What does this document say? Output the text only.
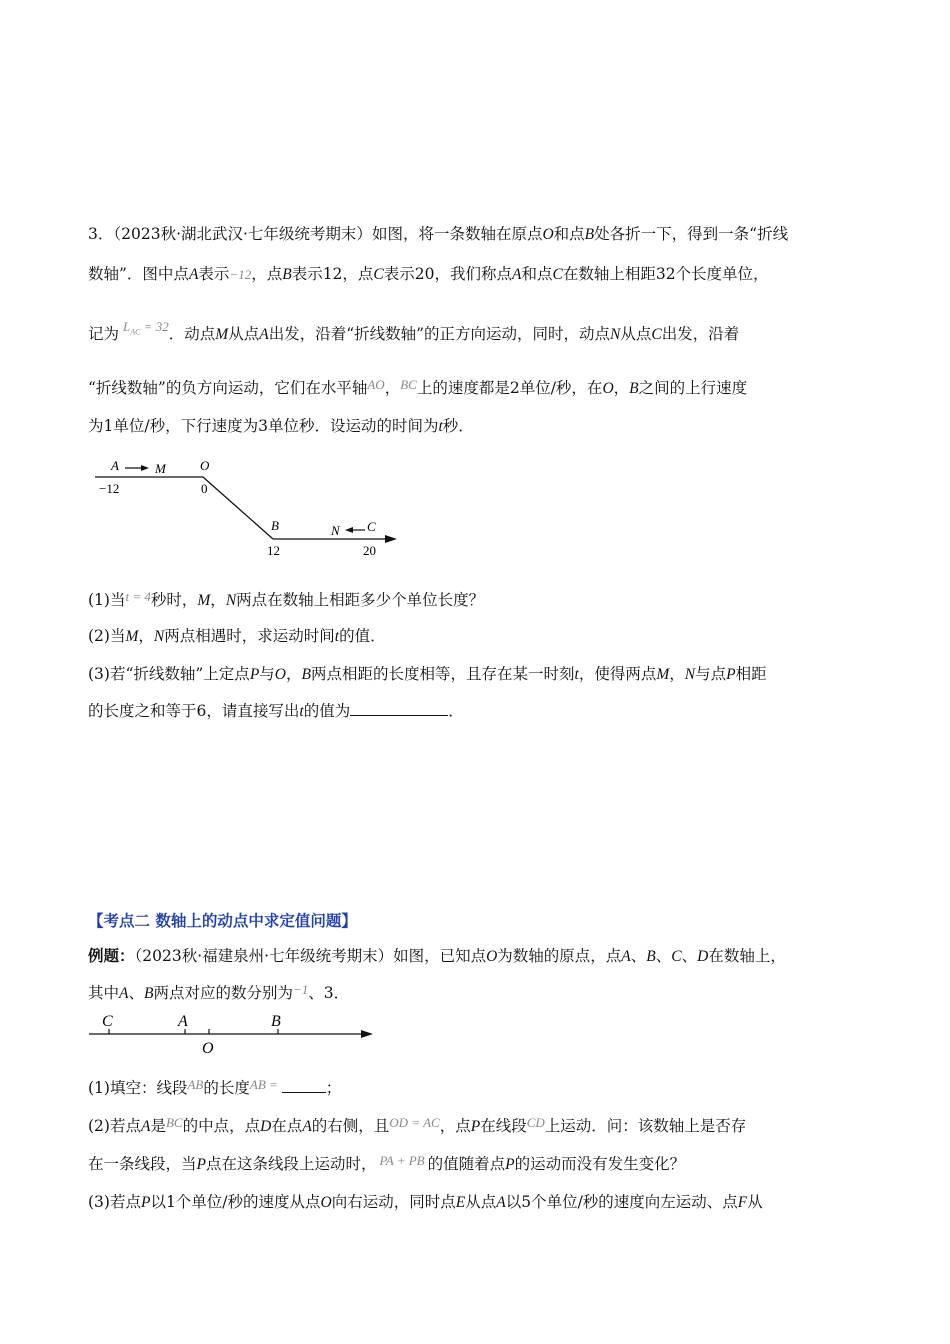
3．（2023秋·湖北武汉·七年级统考期末）如图，将一条数轴在原点O和点B处各折一下，得到一条“折线
数轴”．图中点A表示−12，点B表示12，点C表示20，我们称点A和点C在数轴上相距32个长度单位，
记为 $^{L_{AC} = 32}$．动点M从点A出发，沿着“折线数轴”的正方向运动，同时，动点N从点C出发，沿着
“折线数轴”的负方向运动，它们在水平轴$^{AO}$，$^{BC}$上的速度都是2单位/秒，在O，B之间的上行速度
为1单位/秒，下行速度为3单位秒．设运动的时间为t秒．
A	M	O
−12	0
B	N C
12	20
(1)当$^{t = 4}$秒时，M，N两点在数轴上相距多少个单位长度？
(2)当M，N两点相遇时，求运动时间t的值．
(3)若“折线数轴”上定点P与O，B两点相距的长度相等，且存在某一时刻t，使得两点M，N与点P相距
的长度之和等于6，请直接写出t的值为	．
【考点二 数轴上的动点中求定值问题】
例题：（2023秋·福建泉州·七年级统考期末）如图，已知点O为数轴的原点，点A、B、C、D在数轴上，
其中A、B两点对应的数分别为$^{-1}$、3．
C	A	B
O
(1)填空：线段$^{AB}$的长度$^{AB =}$	；
(2)若点A是$^{BC}$的中点，点D在点A的右侧，且$^{OD = AC}$，点P在线段$^{CD}$上运动．问：该数轴上是否存
在一条线段，当P点在这条线段上运动时， $^{PA + PB}$ 的值随着点P的运动而没有发生变化？
(3)若点P以1个单位/秒的速度从点O向右运动，同时点E从点A以5个单位/秒的速度向左运动、点F从
